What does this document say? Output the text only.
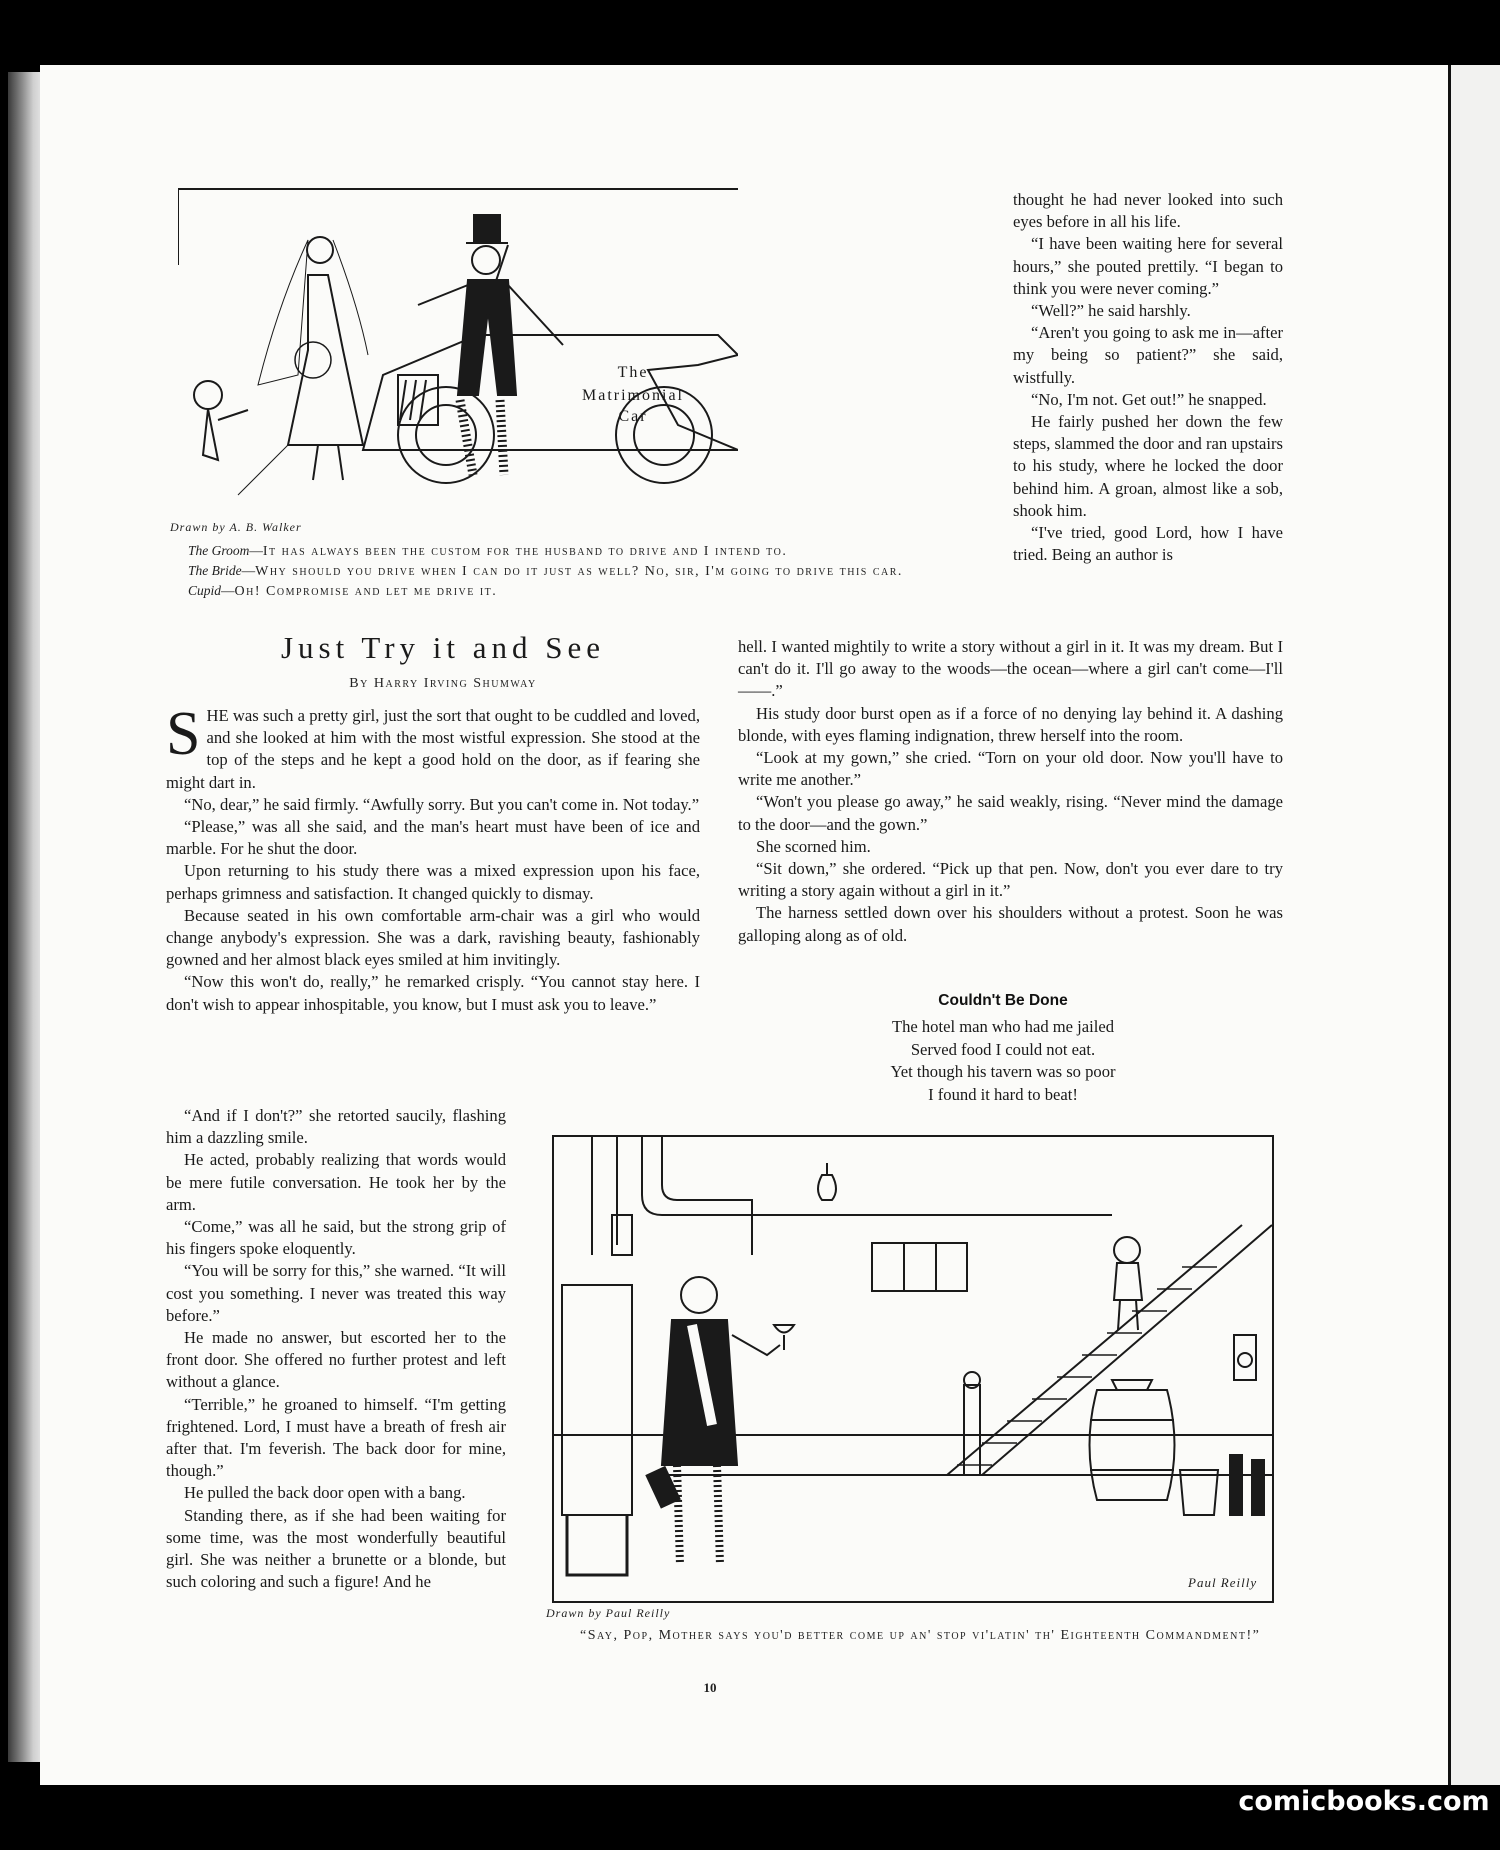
The
Matrimonial
Car
Drawn by A. B. Walker

The Groom—It has always been the custom for the husband to drive and I intend to.

The Bride—Why should you drive when I can do it just as well? No, sir, I'm going to drive this car.

Cupid—Oh! Compromise and let me drive it.

Just Try it and See
By Harry Irving Shumway

SHE was such a pretty girl, just the sort that ought to be cuddled and loved, and she looked at him with the most wistful expression. She stood at the top of the steps and he kept a good hold on the door, as if fearing she might dart in.

“No, dear,” he said firmly. “Awfully sorry. But you can't come in. Not today.”

“Please,” was all she said, and the man's heart must have been of ice and marble. For he shut the door.

Upon returning to his study there was a mixed expression upon his face, perhaps grimness and satisfaction. It changed quickly to dismay.

Because seated in his own comfortable arm-chair was a girl who would change anybody's expression. She was a dark, ravishing beauty, fashionably gowned and her almost black eyes smiled at him invitingly.

“Now this won't do, really,” he remarked crisply. “You cannot stay here. I don't wish to appear inhospitable, you know, but I must ask you to leave.”

“And if I don't?” she retorted saucily, flashing him a dazzling smile.

He acted, probably realizing that words would be mere futile conversation. He took her by the arm.

“Come,” was all he said, but the strong grip of his fingers spoke eloquently.

“You will be sorry for this,” she warned. “It will cost you something. I never was treated this way before.”

He made no answer, but escorted her to the front door. She offered no further protest and left without a glance.

“Terrible,” he groaned to himself. “I'm getting frightened. Lord, I must have a breath of fresh air after that. I'm feverish. The back door for mine, though.”

He pulled the back door open with a bang.

Standing there, as if she had been waiting for some time, was the most wonderfully beautiful girl. She was neither a brunette or a blonde, but such coloring and such a figure! And he

thought he had never looked into such eyes before in all his life.

“I have been waiting here for several hours,” she pouted prettily. “I began to think you were never coming.”

“Well?” he said harshly.

“Aren't you going to ask me in—after my being so patient?” she said, wistfully.

“No, I'm not. Get out!” he snapped.

He fairly pushed her down the few steps, slammed the door and ran upstairs to his study, where he locked the door behind him. A groan, almost like a sob, shook him.

“I've tried, good Lord, how I have tried. Being an author is

hell. I wanted mightily to write a story without a girl in it. It was my dream. But I can't do it. I'll go away to the woods—the ocean—where a girl can't come—I'll——.”

His study door burst open as if a force of no denying lay behind it. A dashing blonde, with eyes flaming indignation, threw herself into the room.

“Look at my gown,” she cried. “Torn on your old door. Now you'll have to write me another.”

“Won't you please go away,” he said weakly, rising. “Never mind the damage to the door—and the gown.”

She scorned him.

“Sit down,” she ordered. “Pick up that pen. Now, don't you ever dare to try writing a story again without a girl in it.”

The harness settled down over his shoulders without a protest. Soon he was galloping along as of old.

Couldn't Be Done
The hotel man who had me jailed
Served food I could not eat.
Yet though his tavern was so poor
I found it hard to beat!
Drawn by Paul Reilly
Paul Reilly
“Say, Pop, Mother says you'd better come up an' stop vi'latin' th' Eighteenth Commandment!”
10
comicbooks.com
